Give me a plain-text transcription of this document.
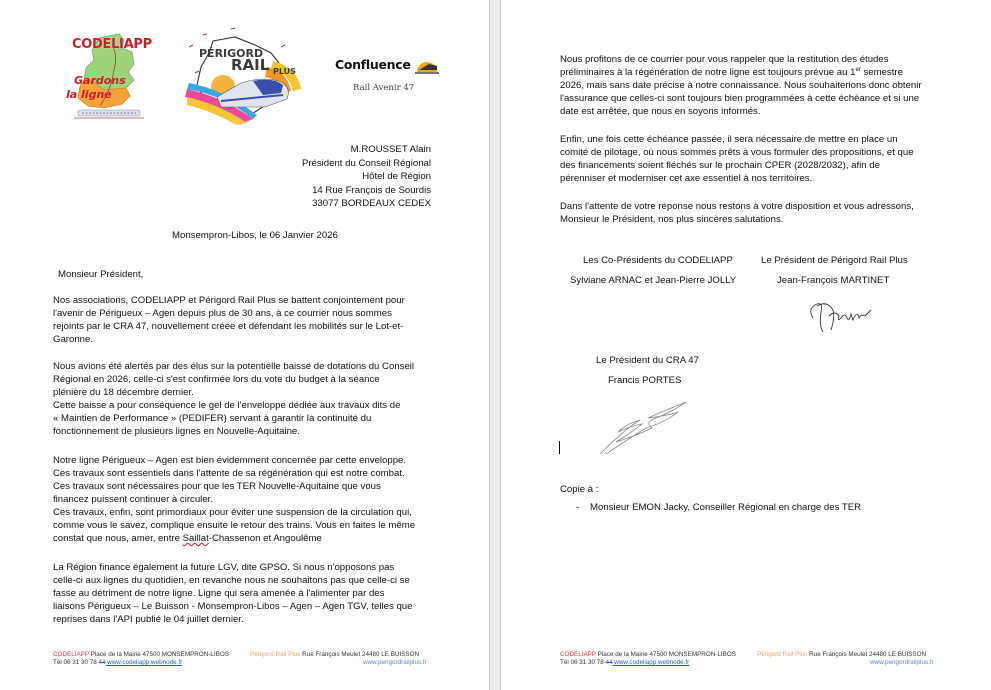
CODELIAPP
Gardons
la ligne
PÉRIGORD
RAIL PLUS	Confluence
Rail Avenir 47
M.ROUSSET Alain
Président du Conseil Régional
Hôtel de Région
14 Rue François de Sourdis
33077 BORDEAUX CEDEX
Monsempron-Libos, le 06 Janvier 2026
Monsieur Président,
Nos associations, CODELIAPP et Périgord Rail Plus se battent conjointement pour
l'avenir de Périgueux – Agen depuis plus de 30 ans, à ce courrier nous sommes
rejoints par le CRA 47, nouvellement créée et défendant les mobilités sur le Lot-et-
Garonne.
Nous avions été alertés par des élus sur la potentielle baisse de dotations du Conseil
Régional en 2026, celle-ci s'est confirmée lors du vote du budget à la séance
plénière du 18 décembre dernier.
Cette baisse a pour conséquence le gel de l'enveloppe dédiée aux travaux dits de
« Maintien de Performance » (PEDIFER) servant à garantir la continuité du
fonctionnement de plusieurs lignes en Nouvelle-Aquitaine.
Notre ligne Périgueux – Agen est bien évidemment concernée par cette enveloppe.
Ces travaux sont essentiels dans l'attente de sa régénération qui est notre combat.
Ces travaux sont nécessaires pour que les TER Nouvelle-Aquitaine que vous
financez puissent continuer à circuler.
Ces travaux, enfin, sont primordiaux pour éviter une suspension de la circulation qui,
comme vous le savez, complique ensuite le retour des trains. Vous en faites le même
constat que nous, amer, entre Saillat-Chassenon et Angoulême
La Région finance également la future LGV, dite GPSO. Si nous n'opposons pas
celle-ci aux lignes du quotidien, en revanche nous ne souhaitons pas que celle-ci se
fasse au détriment de notre ligne. Ligne qui sera amenée à l'alimenter par des
liaisons Périgueux – Le Buisson - Monsempron-Libos – Agen – Agen TGV, telles que
reprises dans l'API publié le 04 juillet dernier.
CODELIAPP Place de la Mairie 47500 MONSEMPRON-LIBOS	Périgord Rail Plus Rue François Meulet 24480 LE BUISSON
Tél 06 31 30 78 44 www.codeliapp.webnode.fr	www.perigordrailplus.fr
Nous profitons de ce courrier pour vous rappeler que la restitution des études
préliminaires à la régénération de notre ligne est toujours prévue au 1er semestre
2026, mais sans date précise à notre connaissance. Nous souhaiterions donc obtenir
l'assurance que celles-ci sont toujours bien programmées à cette échéance et si une
date est arrêtée, que nous en soyons informés.
Enfin, une fois cette échéance passée, il sera nécessaire de mettre en place un
comité de pilotage, où nous sommes prêts à vous formuler des propositions, et que
des financements soient fléchés sur le prochain CPER (2028/2032), afin de
pérenniser et moderniser cet axe essentiel à nos territoires.
Dans l'attente de votre réponse nous restons à votre disposition et vous adressons,
Monsieur le Président, nos plus sincères salutations.
Les Co-Présidents du CODELIAPP
Sylviane ARNAC et Jean-Pierre JOLLY
Le Président de Périgord Rail Plus
Jean-François MARTINET
Le Président du CRA 47
Francis PORTES
Copie à :
- Monsieur EMON Jacky, Conseiller Régional en charge des TER
CODELIAPP Place de la Mairie 47500 MONSEMPRON-LIBOS	Périgord Rail Plus Rue François Meulet 24480 LE BUISSON
Tél 06 31 30 78 44 www.codeliapp.webnode.fr	www.perigordrailplus.fr
